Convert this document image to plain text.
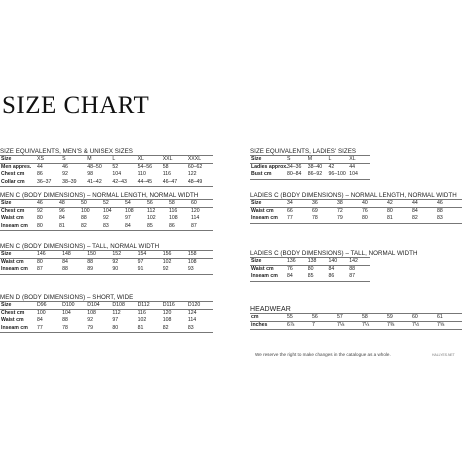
SIZE CHART
SIZE EQUIVALENTS, MEN'S & UNISEX SIZES
Size	XS	S	M	L	XL	XXL	XXXL
Men appres.	44	46	48–50	52	54–56	58	60–62
Chest cm	86	92	98	104	110	116	122
Collar cm	36–37	38–39	41–42	42–43	44–45	46–47	48–49
MEN C (BODY DIMENSIONS) – NORMAL LENGTH, NORMAL WIDTH
Size	46	48	50	52	54	56	58	60
Chest cm	92	96	100	104	108	112	116	120
Waist cm	80	84	88	92	97	102	108	114
Inseam cm	80	81	82	83	84	85	86	87
MEN C (BODY DIMENSIONS) – TALL, NORMAL WIDTH
Size	146	148	150	152	154	156	158
Waist cm	80	84	88	92	97	102	108
Inseam cm	87	88	89	90	91	92	93
MEN D (BODY DIMENSIONS) – SHORT, WIDE
Size	D96	D100	D104	D108	D112	D116	D120
Chest cm	100	104	108	112	116	120	124
Waist cm	84	88	92	97	102	108	114
Inseam cm	77	78	79	80	81	82	83
SIZE EQUIVALENTS, LADIES' SIZES
Size	S	M	L	XL
Ladies approx.	34–36	38–40	42	44
Bust cm	80–84	86–92	96–100	104
LADIES C (BODY DIMENSIONS) – NORMAL LENGTH, NORMAL WIDTH
Size	34	36	38	40	42	44	46
Waist cm	66	69	72	76	80	84	88
Inseam cm	77	78	79	80	81	82	83
LADIES C (BODY DIMENSIONS) – TALL, NORMAL WIDTH
Size	136	138	140	142
Waist cm	76	80	84	88
Inseam cm	84	85	86	87
HEADWEAR
cm	55	56	57	58	59	60	61
inches	6⅞	7	7⅛	7¼	7⅜	7½	7⅝
We reserve the right to make changes in the catalogue as a whole.	HALLYES.NET
